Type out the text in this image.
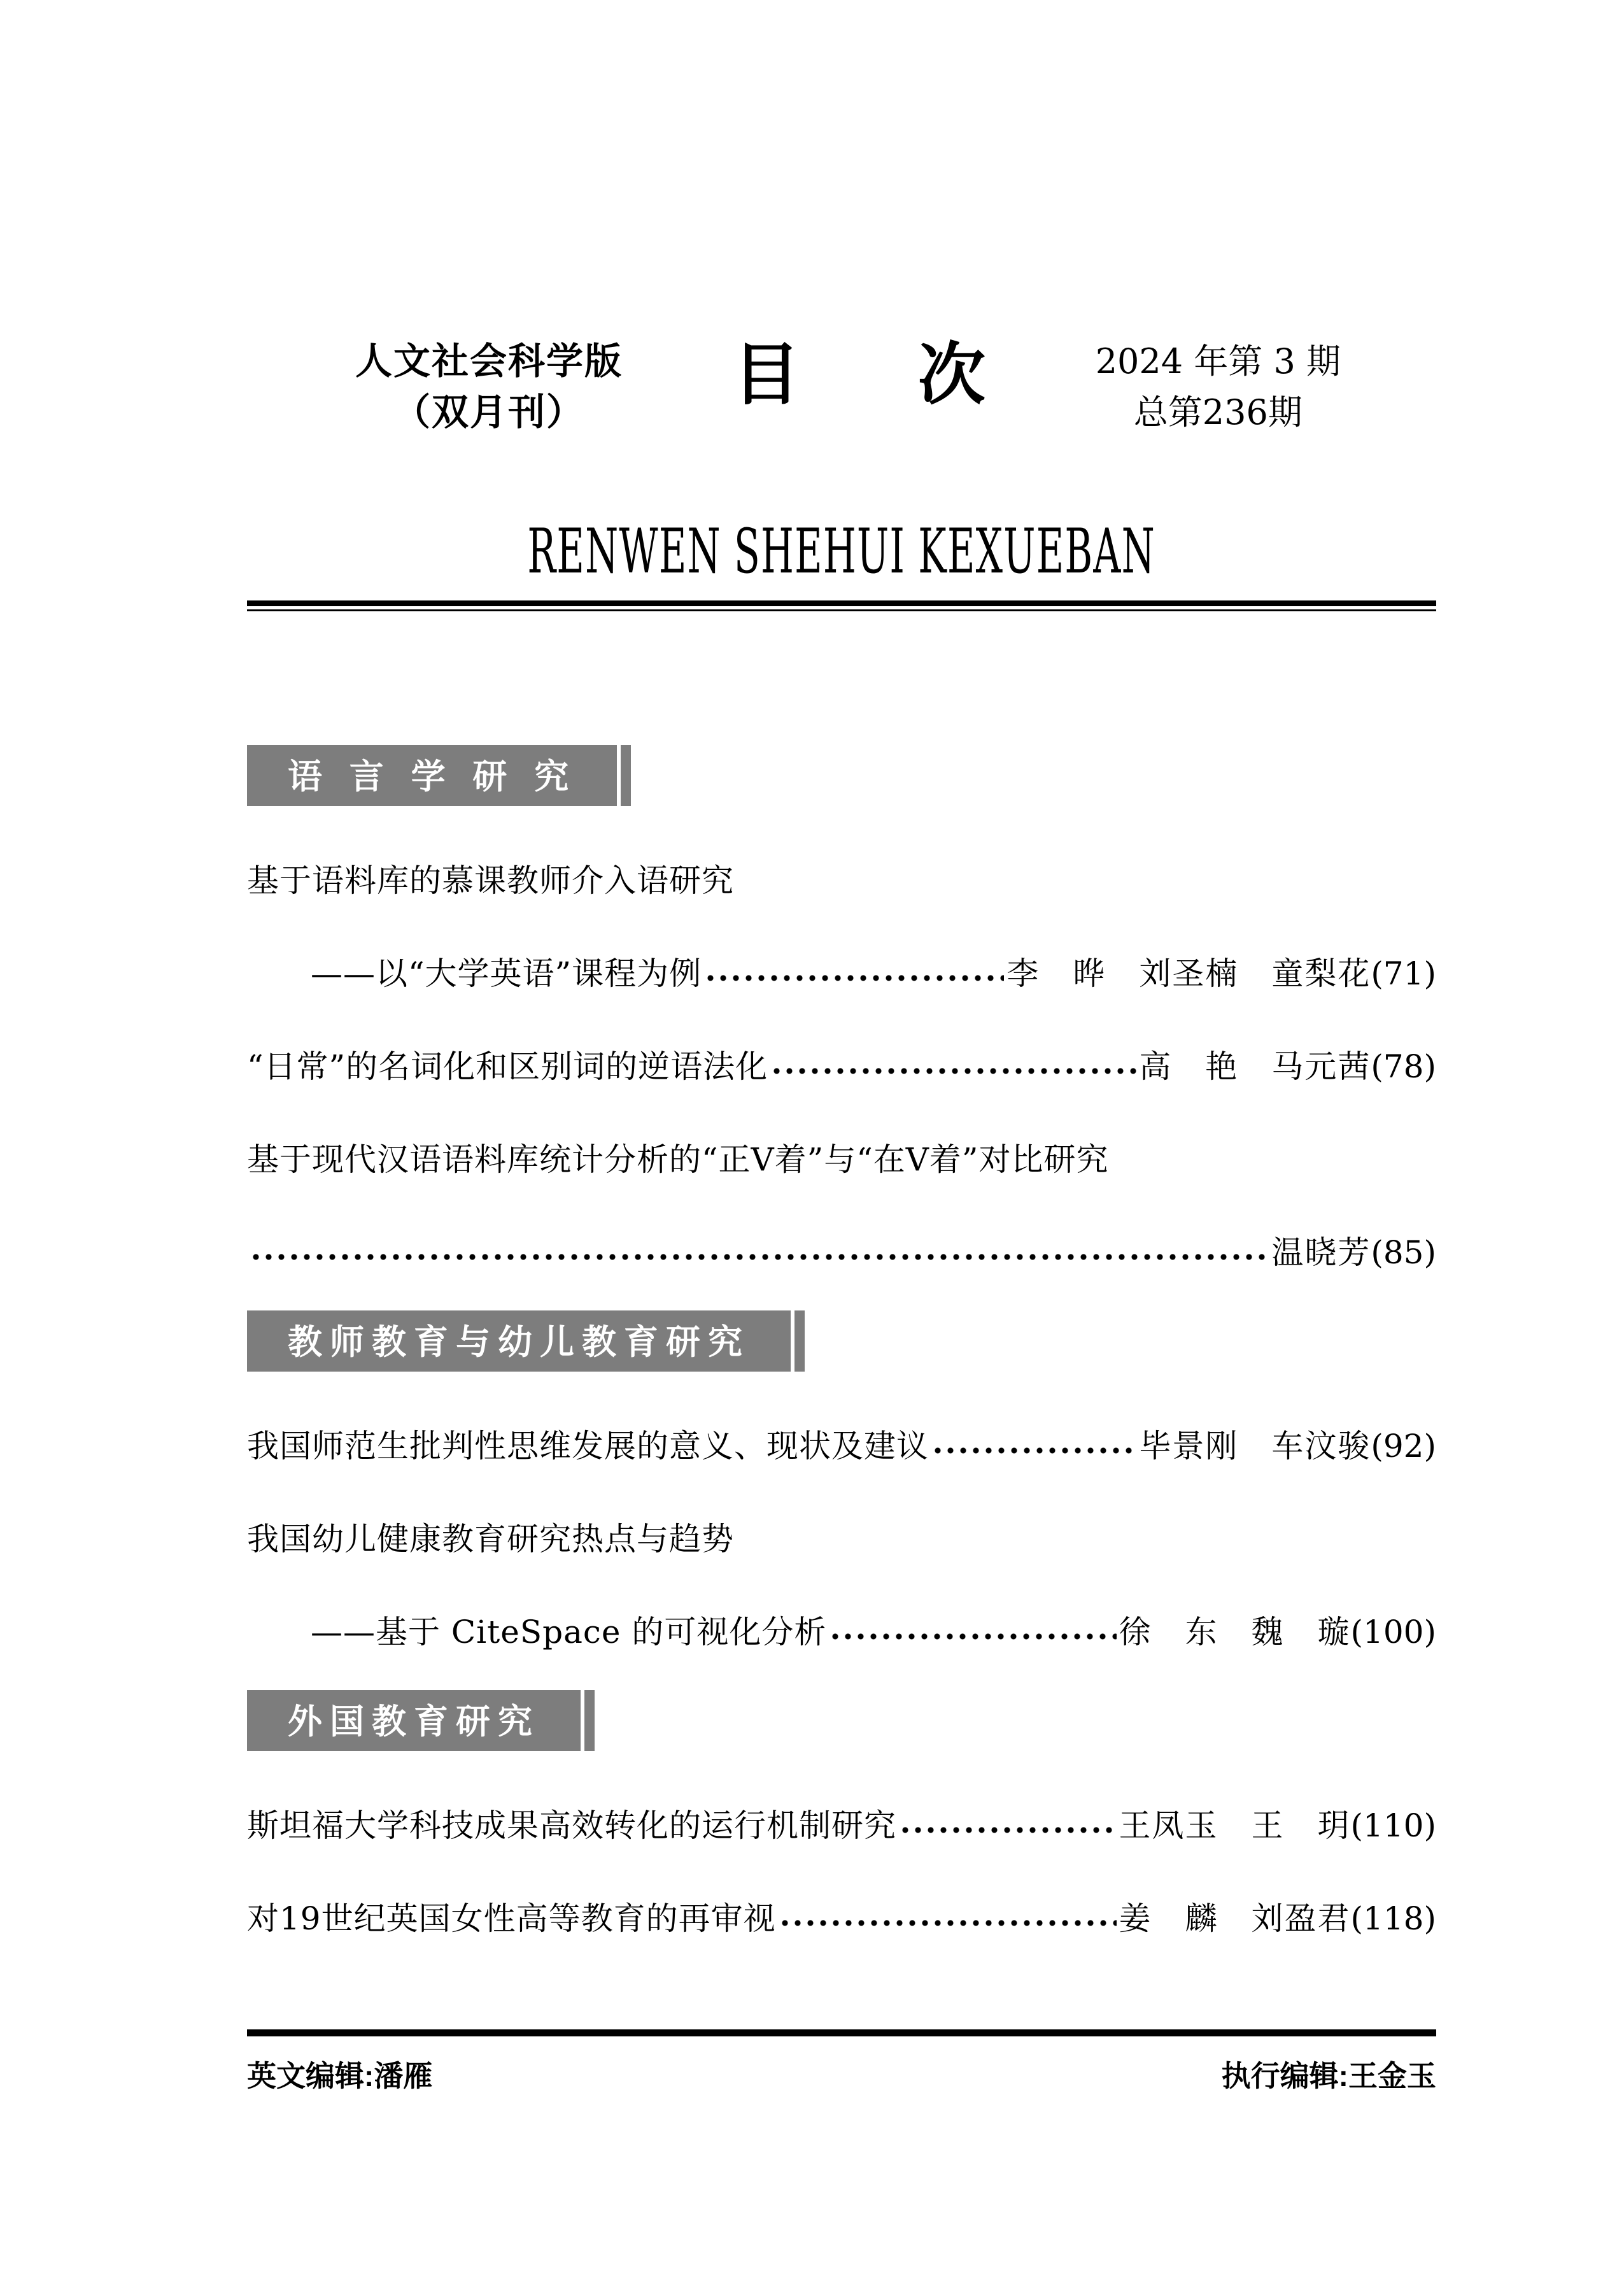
人文社会科学版
（双月刊）	目 次	2024 年第 3 期
总第236期
RENWEN SHEHUI KEXUEBAN
语 言 学 研 究
基于语料库的慕课教师介入语研究
——以“大学英语”课程为例	李　晔　刘圣楠　童梨花 (71)
“日常”的名词化和区别词的逆语法化	高　艳　马元茜 (78)
基于现代汉语语料库统计分析的“正V着”与“在V着”对比研究
温晓芳 (85)
教师教育与幼儿教育研究
我国师范生批判性思维发展的意义、现状及建议	毕景刚　车汶骏 (92)
我国幼儿健康教育研究热点与趋势
——基于 CiteSpace 的可视化分析	徐　东　魏　璇 (100)
外国教育研究
斯坦福大学科技成果高效转化的运行机制研究	王凤玉　王　玥 (110)
对19世纪英国女性高等教育的再审视	姜　麟　刘盈君 (118)
英文编辑:潘雁	执行编辑:王金玉
